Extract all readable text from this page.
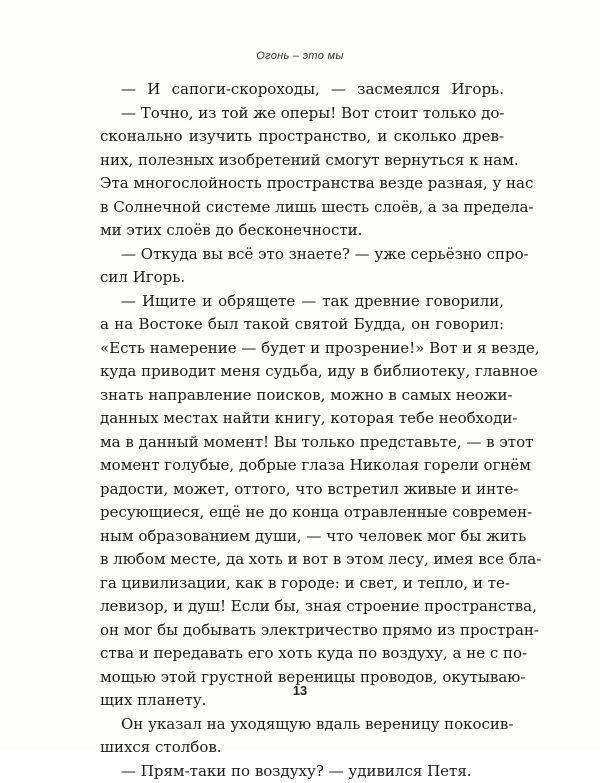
Огонь – это мы
— И сапоги-скороходы, — засмеялся Игорь.
— Точно, из той же оперы! Вот стоит только до-
сконально изучить пространство, и сколько древ-
них, полезных изобретений смогут вернуться к нам.
Эта многослойность пространства везде разная, у нас
в Солнечной системе лишь шесть слоёв, а за предела-
ми этих слоёв до бесконечности.
— Откуда вы всё это знаете? — уже серьёзно спро-
сил Игорь.
— Ищите и обрящете — так древние говорили,
а на Востоке был такой святой Будда, он говорил:
«Есть намерение — будет и прозрение!» Вот и я везде,
куда приводит меня судьба, иду в библиотеку, главное
знать направление поисков, можно в самых неожи-
данных местах найти книгу, которая тебе необходи-
ма в данный момент! Вы только представьте, — в этот
момент голубые, добрые глаза Николая горели огнём
радости, может, оттого, что встретил живые и инте-
ресующиеся, ещё не до конца отравленные современ-
ным образованием души, — что человек мог бы жить
в любом месте, да хоть и вот в этом лесу, имея все бла-
га цивилизации, как в городе: и свет, и тепло, и те-
левизор, и душ! Если бы, зная строение пространства,
он мог бы добывать электричество прямо из простран-
ства и передавать его хоть куда по воздуху, а не с по-
мощью этой грустной вереницы проводов, окутываю-
щих планету.
Он указал на уходящую вдаль вереницу покосив-
шихся столбов.
— Прям-таки по воздуху? — удивился Петя.
13
